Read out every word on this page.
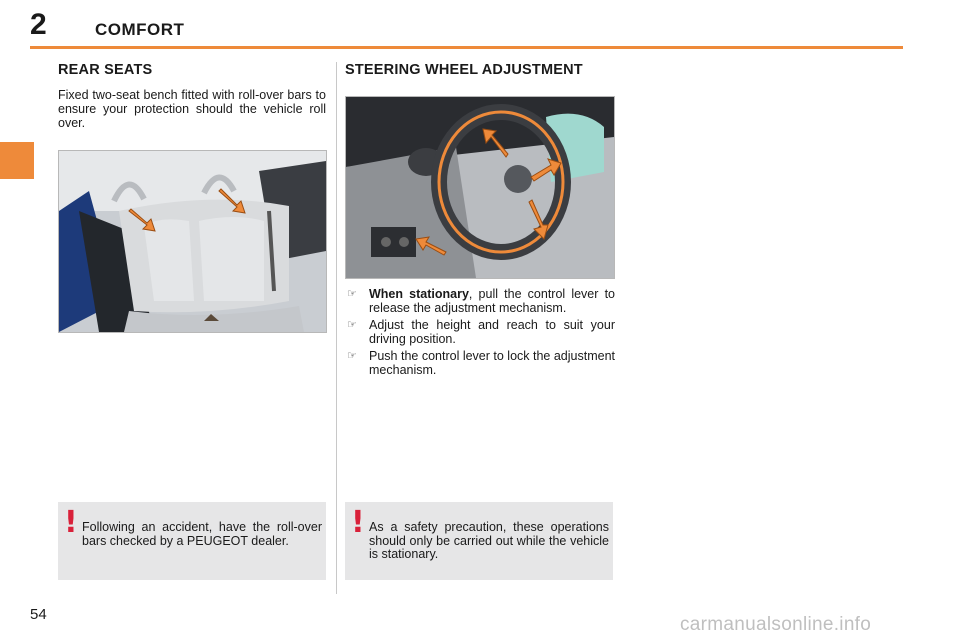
2	COMFORT
REAR SEATS

Fixed two-seat bench fitted with roll-over bars to ensure your protection should the vehicle roll over.

! Following an accident, have the roll-over bars checked by a PEUGEOT dealer.

STEERING WHEEL ADJUSTMENT
☞ When stationary, pull the control lever to release the adjustment mechanism.
☞ Adjust the height and reach to suit your driving position.
☞ Push the control lever to lock the adjustment mechanism.
! As a safety precaution, these operations should only be carried out while the vehicle is stationary.

54	carmanualsonline.info
